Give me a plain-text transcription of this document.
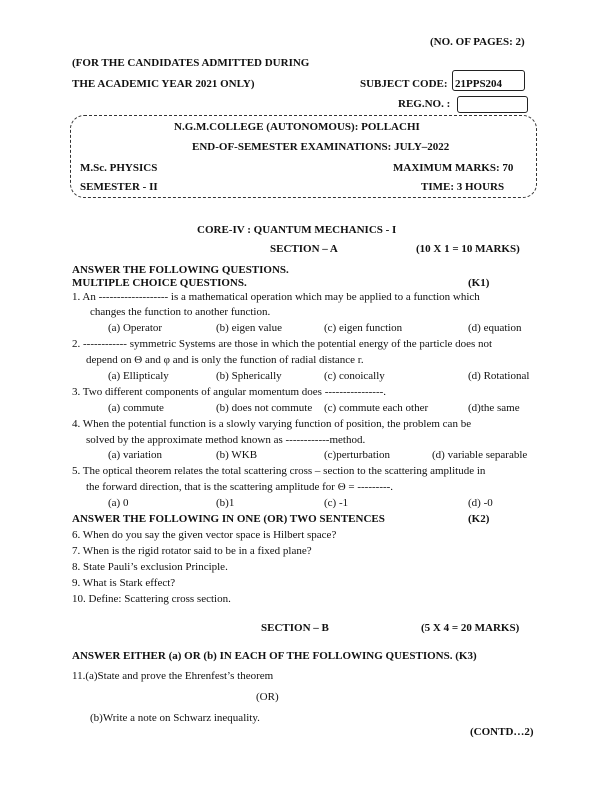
(NO. OF PAGES: 2)
(FOR THE CANDIDATES ADMITTED DURING
THE ACADEMIC YEAR 2021 ONLY)	SUBJECT CODE: 21PPS204
REG.NO. :
N.G.M.COLLEGE (AUTONOMOUS): POLLACHI
END-OF-SEMESTER EXAMINATIONS: JULY–2022
M.Sc. PHYSICS	MAXIMUM MARKS: 70
SEMESTER - II	TIME: 3 HOURS
CORE-IV : QUANTUM MECHANICS - I
SECTION – A	(10 X 1 = 10 MARKS)
ANSWER THE FOLLOWING QUESTIONS.
MULTIPLE CHOICE QUESTIONS.	(K1)
1. An ------------------- is a mathematical operation which may be applied to a function which
changes the function to another function.
(a) Operator	(b) eigen value	(c) eigen function	(d) equation
2. ------------ symmetric Systems are those in which the potential energy of the particle does not
depend on Θ and φ and is only the function of radial distance r.
(a) Ellipticaly	(b) Spherically	(c) conoically	(d) Rotational
3. Two different components of angular momentum does ----------------.
(a) commute	(b) does not commute (c) commute each other	(d)the same
4. When the potential function is a slowly varying function of position, the problem can be
solved by the approximate method known as ------------method.
(a) variation	(b) WKB	(c)perturbation	(d) variable separable
5. The optical theorem relates the total scattering cross – section to the scattering amplitude in
the forward direction, that is the scattering amplitude for Θ = ---------.
(a) 0	(b)1	(c) -1	(d) -0
ANSWER THE FOLLOWING IN ONE (OR) TWO SENTENCES	(K2)
6. When do you say the given vector space is Hilbert space?
7. When is the rigid rotator said to be in a fixed plane?
8. State Pauli’s exclusion Principle.
9. What is Stark effect?
10. Define: Scattering cross section.
SECTION – B	(5 X 4 = 20 MARKS)
ANSWER EITHER (a) OR (b) IN EACH OF THE FOLLOWING QUESTIONS. (K3)
11.(a)State and prove the Ehrenfest’s theorem
(OR)
(b)Write a note on Schwarz inequality.
(CONTD…2)
